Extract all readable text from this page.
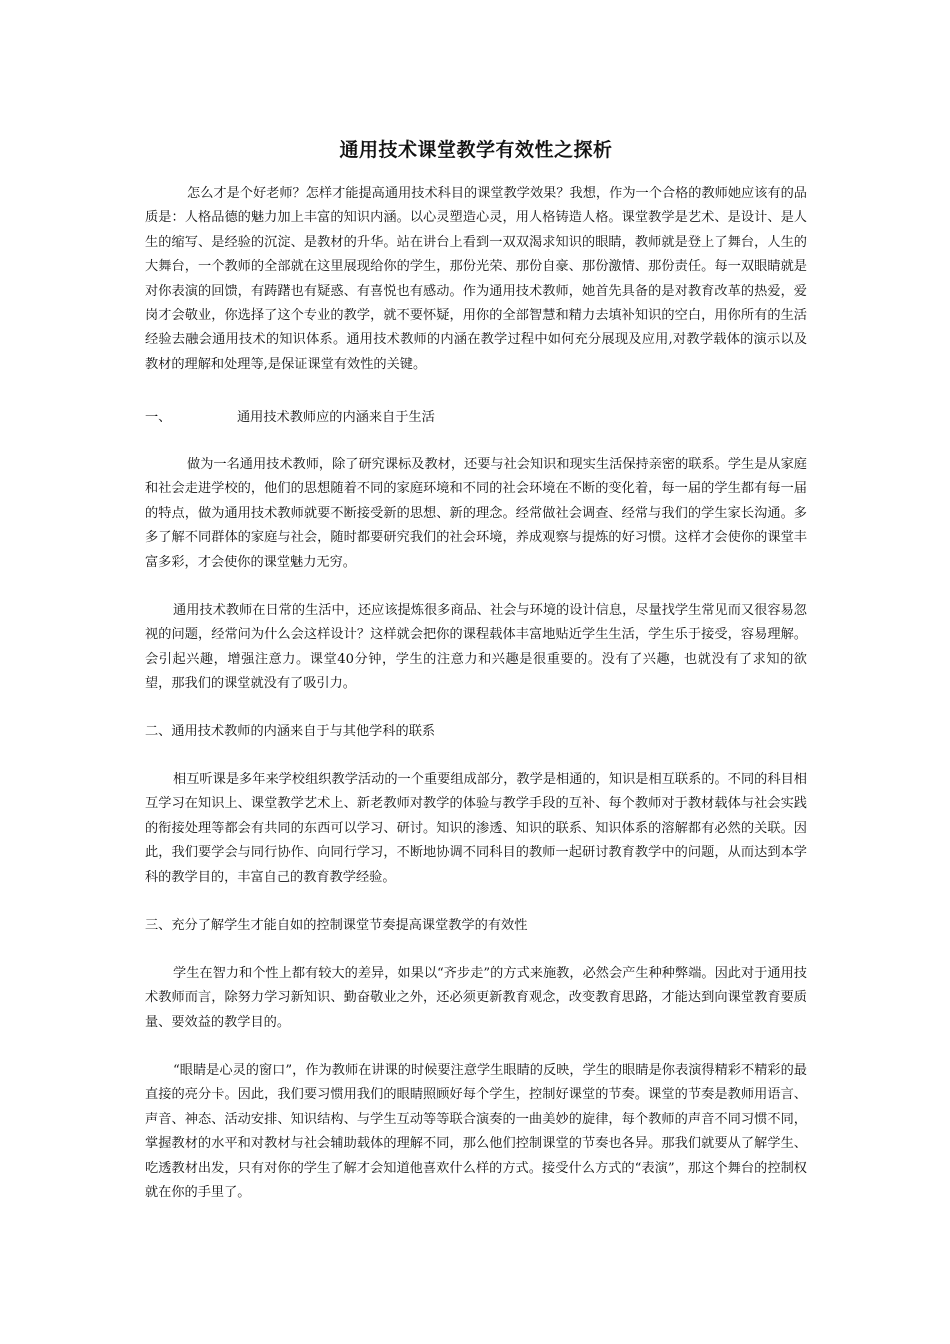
通用技术课堂教学有效性之探析

怎么才是个好老师？怎样才能提高通用技术科目的课堂教学效果？我想，作为一个合格的教师她应该有的品质是：人格品德的魅力加上丰富的知识内涵。以心灵塑造心灵，用人格铸造人格。课堂教学是艺术、是设计、是人生的缩写、是经验的沉淀、是教材的升华。站在讲台上看到一双双渴求知识的眼睛，教师就是登上了舞台，人生的大舞台，一个教师的全部就在这里展现给你的学生，那份光荣、那份自豪、那份激情、那份责任。每一双眼睛就是对你表演的回馈，有踌躇也有疑惑、有喜悦也有感动。作为通用技术教师，她首先具备的是对教育改革的热爱，爱岗才会敬业，你选择了这个专业的教学，就不要怀疑，用你的全部智慧和精力去填补知识的空白，用你所有的生活经验去融会通用技术的知识体系。通用技术教师的内涵在教学过程中如何充分展现及应用,对教学载体的演示以及教材的理解和处理等,是保证课堂有效性的关键。

一、	通用技术教师应的内涵来自于生活

做为一名通用技术教师，除了研究课标及教材，还要与社会知识和现实生活保持亲密的联系。学生是从家庭和社会走进学校的，他们的思想随着不同的家庭环境和不同的社会环境在不断的变化着，每一届的学生都有每一届的特点，做为通用技术教师就要不断接受新的思想、新的理念。经常做社会调查、经常与我们的学生家长沟通。多多了解不同群体的家庭与社会，随时都要研究我们的社会环境，养成观察与提炼的好习惯。这样才会使你的课堂丰富多彩，才会使你的课堂魅力无穷。

通用技术教师在日常的生活中，还应该提炼很多商品、社会与环境的设计信息，尽量找学生常见而又很容易忽视的问题，经常问为什么会这样设计？这样就会把你的课程载体丰富地贴近学生生活，学生乐于接受，容易理解。会引起兴趣，增强注意力。课堂40分钟，学生的注意力和兴趣是很重要的。没有了兴趣，也就没有了求知的欲望，那我们的课堂就没有了吸引力。

二、通用技术教师的内涵来自于与其他学科的联系

相互听课是多年来学校组织教学活动的一个重要组成部分，教学是相通的，知识是相互联系的。不同的科目相互学习在知识上、课堂教学艺术上、新老教师对教学的体验与教学手段的互补、每个教师对于教材载体与社会实践的衔接处理等都会有共同的东西可以学习、研讨。知识的渗透、知识的联系、知识体系的溶解都有必然的关联。因此，我们要学会与同行协作、向同行学习，不断地协调不同科目的教师一起研讨教育教学中的问题，从而达到本学科的教学目的，丰富自己的教育教学经验。

三、充分了解学生才能自如的控制课堂节奏提高课堂教学的有效性

学生在智力和个性上都有较大的差异，如果以“齐步走”的方式来施教，必然会产生种种弊端。因此对于通用技术教师而言，除努力学习新知识、勤奋敬业之外，还必须更新教育观念，改变教育思路，才能达到向课堂教育要质量、要效益的教学目的。

“眼睛是心灵的窗口”，作为教师在讲课的时候要注意学生眼睛的反映，学生的眼睛是你表演得精彩不精彩的最直接的亮分卡。因此，我们要习惯用我们的眼睛照顾好每个学生，控制好课堂的节奏。课堂的节奏是教师用语言、声音、神态、活动安排、知识结构、与学生互动等等联合演奏的一曲美妙的旋律，每个教师的声音不同习惯不同，掌握教材的水平和对教材与社会辅助载体的理解不同，那么他们控制课堂的节奏也各异。那我们就要从了解学生、吃透教材出发，只有对你的学生了解才会知道他喜欢什么样的方式。接受什么方式的“表演”，那这个舞台的控制权就在你的手里了。
